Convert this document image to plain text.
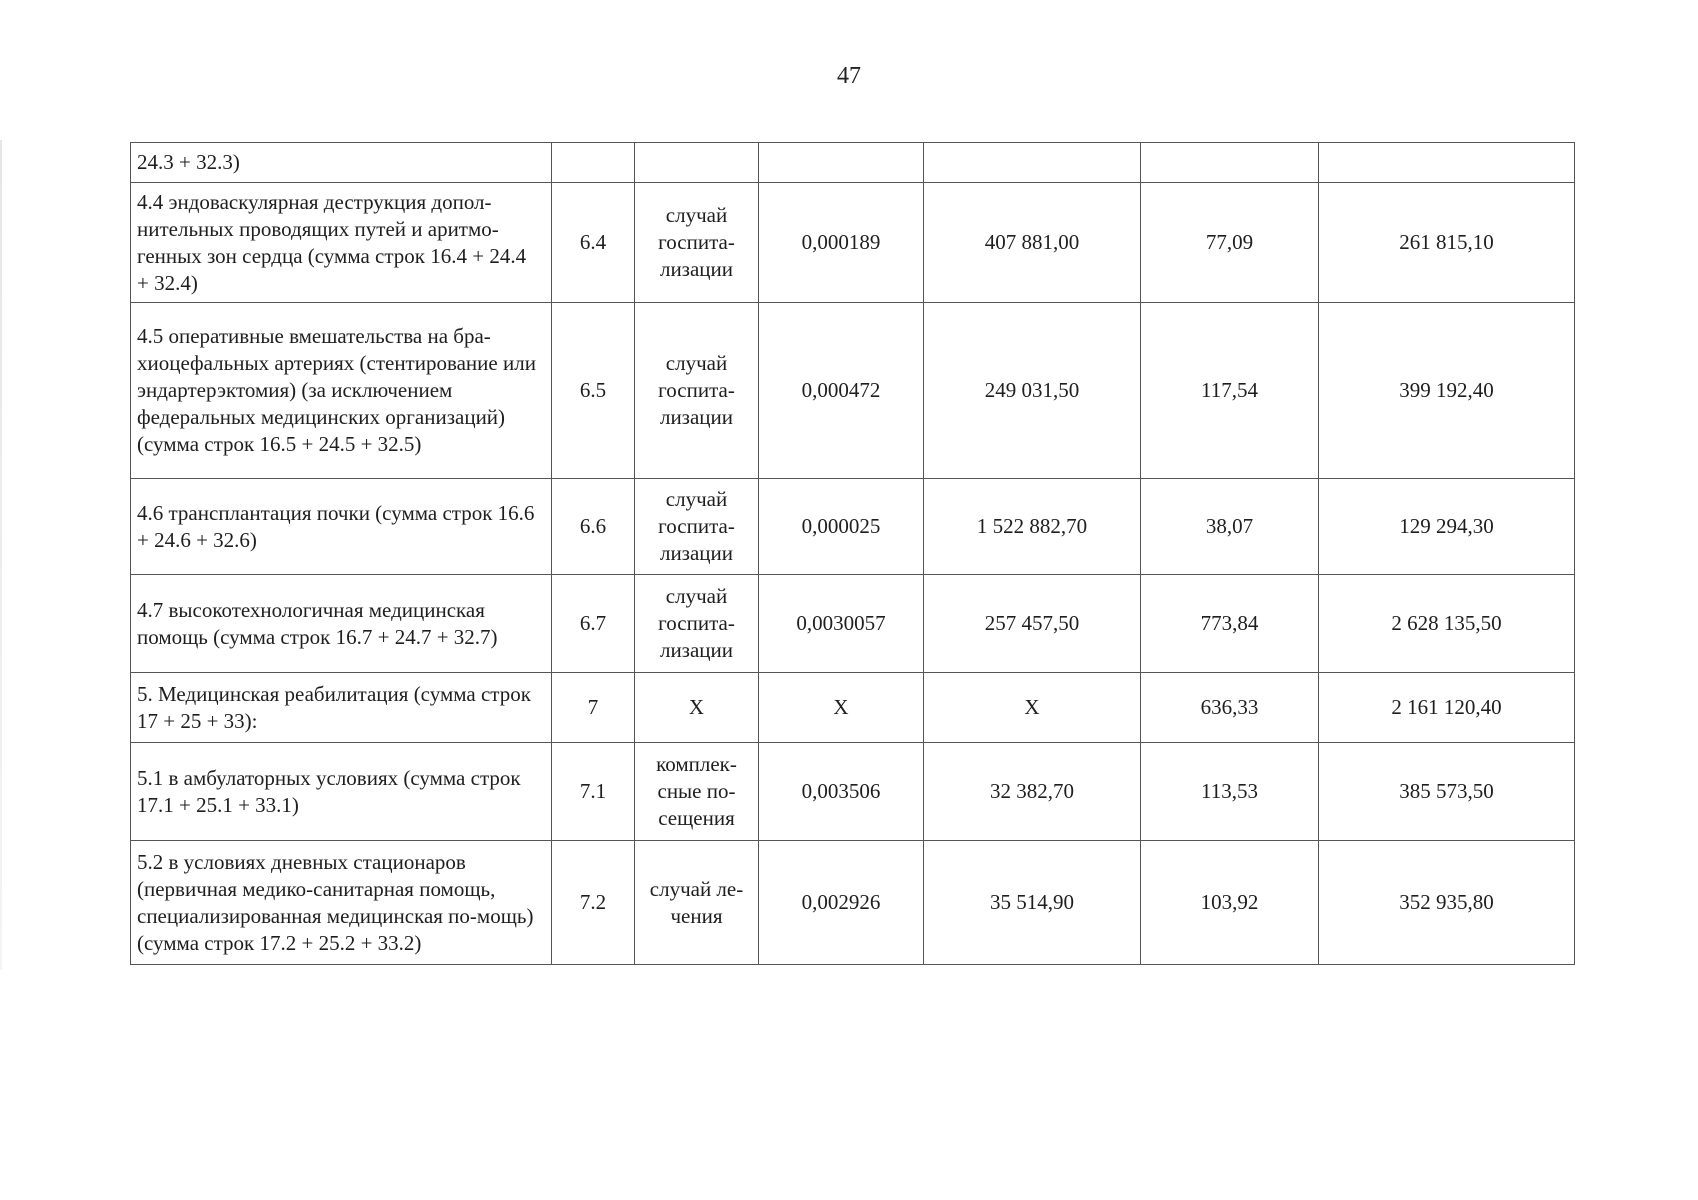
47
24.3 + 32.3)						
4.4 эндоваскулярная деструкция допол-нительных проводящих путей и аритмо-генных зон сердца (сумма строк 16.4 + 24.4 + 32.4)	6.4	случай госпита-лизации	0,000189	407 881,00	77,09	261 815,10
4.5 оперативные вмешательства на бра-хиоцефальных артериях (стентирование или эндартерэктомия) (за исключением федеральных медицинских организаций) (сумма строк 16.5 + 24.5 + 32.5)	6.5	случай госпита-лизации	0,000472	249 031,50	117,54	399 192,40
4.6 трансплантация почки (сумма строк 16.6 + 24.6 + 32.6)	6.6	случай госпита-лизации	0,000025	1 522 882,70	38,07	129 294,30
4.7 высокотехнологичная медицинская помощь (сумма строк 16.7 + 24.7 + 32.7)	6.7	случай госпита-лизации	0,0030057	257 457,50	773,84	2 628 135,50
5. Медицинская реабилитация (сумма строк 17 + 25 + 33):	7	X	X	X	636,33	2 161 120,40
5.1 в амбулаторных условиях (сумма строк 17.1 + 25.1 + 33.1)	7.1	комплек-сные по-сещения	0,003506	32 382,70	113,53	385 573,50
5.2 в условиях дневных стационаров (первичная медико-санитарная помощь, специализированная медицинская по-мощь) (сумма строк 17.2 + 25.2 + 33.2)	7.2	случай ле-чения	0,002926	35 514,90	103,92	352 935,80
